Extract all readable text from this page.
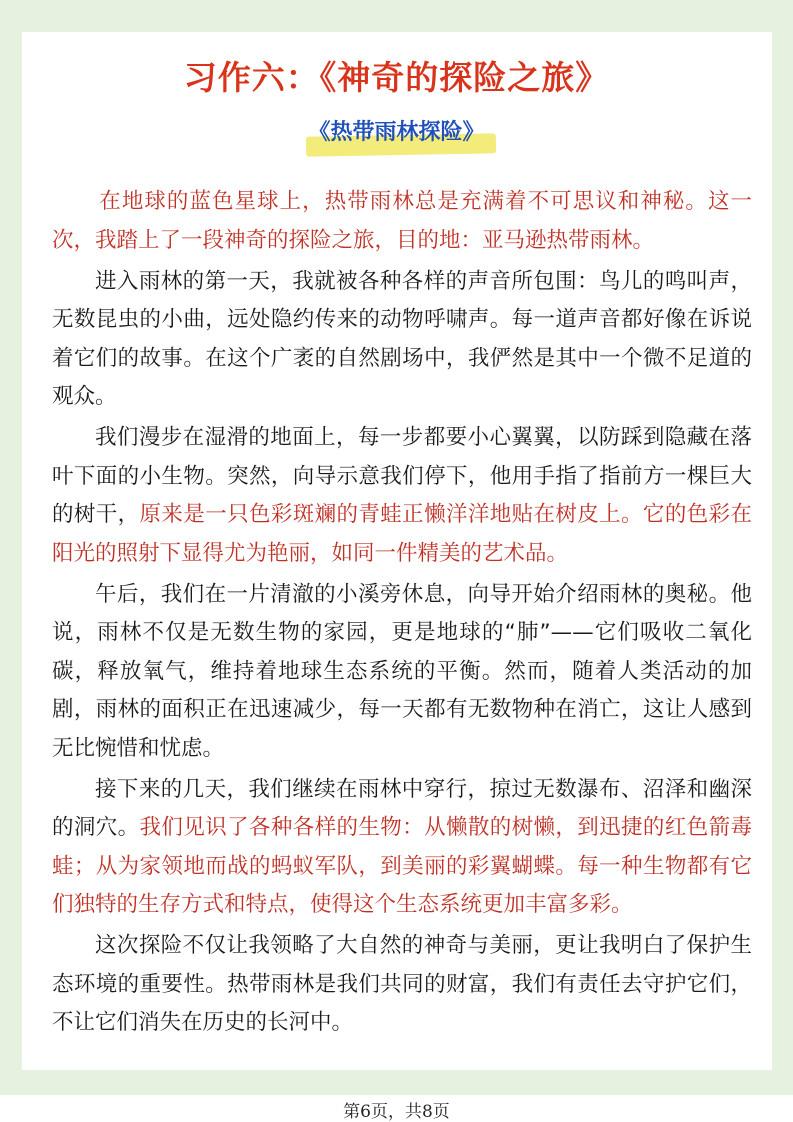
习作六：《神奇的探险之旅》
《热带雨林探险》

在地球的蓝色星球上，热带雨林总是充满着不可思议和神秘。这一次，我踏上了一段神奇的探险之旅，目的地：亚马逊热带雨林。

进入雨林的第一天，我就被各种各样的声音所包围：鸟儿的鸣叫声，无数昆虫的小曲，远处隐约传来的动物呼啸声。每一道声音都好像在诉说着它们的故事。在这个广袤的自然剧场中，我俨然是其中一个微不足道的观众。

我们漫步在湿滑的地面上，每一步都要小心翼翼，以防踩到隐藏在落叶下面的小生物。突然，向导示意我们停下，他用手指了指前方一棵巨大的树干，原来是一只色彩斑斓的青蛙正懒洋洋地贴在树皮上。它的色彩在阳光的照射下显得尤为艳丽，如同一件精美的艺术品。

午后，我们在一片清澈的小溪旁休息，向导开始介绍雨林的奥秘。他说，雨林不仅是无数生物的家园，更是地球的“肺”——它们吸收二氧化碳，释放氧气，维持着地球生态系统的平衡。然而，随着人类活动的加剧，雨林的面积正在迅速减少，每一天都有无数物种在消亡，这让人感到无比惋惜和忧虑。

接下来的几天，我们继续在雨林中穿行，掠过无数瀑布、沼泽和幽深的洞穴。我们见识了各种各样的生物：从懒散的树懒，到迅捷的红色箭毒蛙；从为家领地而战的蚂蚁军队，到美丽的彩翼蝴蝶。每一种生物都有它们独特的生存方式和特点，使得这个生态系统更加丰富多彩。

这次探险不仅让我领略了大自然的神奇与美丽，更让我明白了保护生态环境的重要性。热带雨林是我们共同的财富，我们有责任去守护它们，不让它们消失在历史的长河中。

第6页，共8页
